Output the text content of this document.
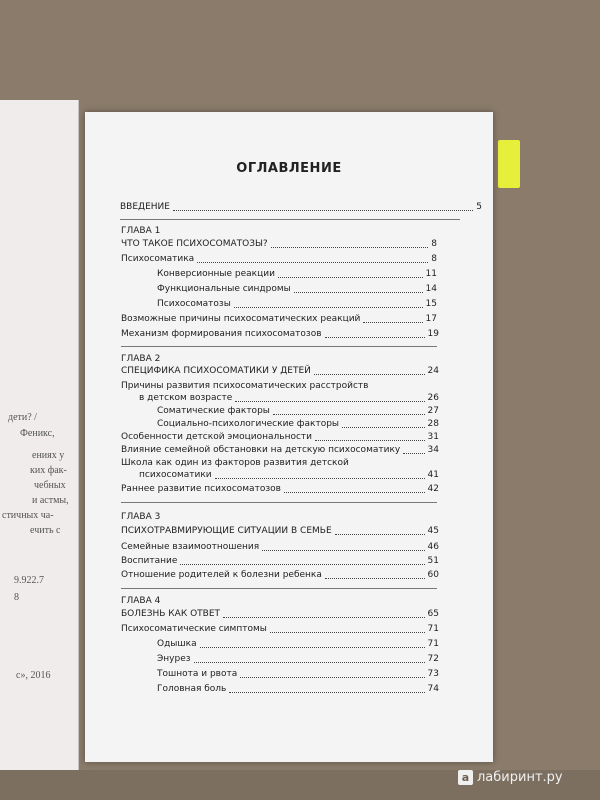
дети? /
Феникс,
ениях у
ких фак-
чебных
и астмы,
стичных ча-
ечить с
9.922.7
8
с», 2016
ОГЛАВЛЕНИЕ
ВВЕДЕНИЕ	5
ГЛАВА 1
ЧТО ТАКОЕ ПСИХОСОМАТОЗЫ?	8
Психосоматика	8
Конверсионные реакции	11
Функциональные синдромы	14
Психосоматозы	15
Возможные причины психосоматических реакций	17
Механизм формирования психосоматозов	19
ГЛАВА 2
СПЕЦИФИКА ПСИХОСОМАТИКИ У ДЕТЕЙ	24
Причины развития психосоматических расстройств
в детском возрасте	26
Соматические факторы	27
Социально-психологические факторы	28
Особенности детской эмоциональности	31
Влияние семейной обстановки на детскую психосоматику	34
Школа как один из факторов развития детской
психосоматики	41
Раннее развитие психосоматозов	42
ГЛАВА 3
ПСИХОТРАВМИРУЮЩИЕ СИТУАЦИИ В СЕМЬЕ	45
Семейные взаимоотношения	46
Воспитание	51
Отношение родителей к болезни ребенка	60
ГЛАВА 4
БОЛЕЗНЬ КАК ОТВЕТ	65
Психосоматические симптомы	71
Одышка	71
Энурез	72
Тошнота и рвота	73
Головная боль	74
a лабиринт.ру
